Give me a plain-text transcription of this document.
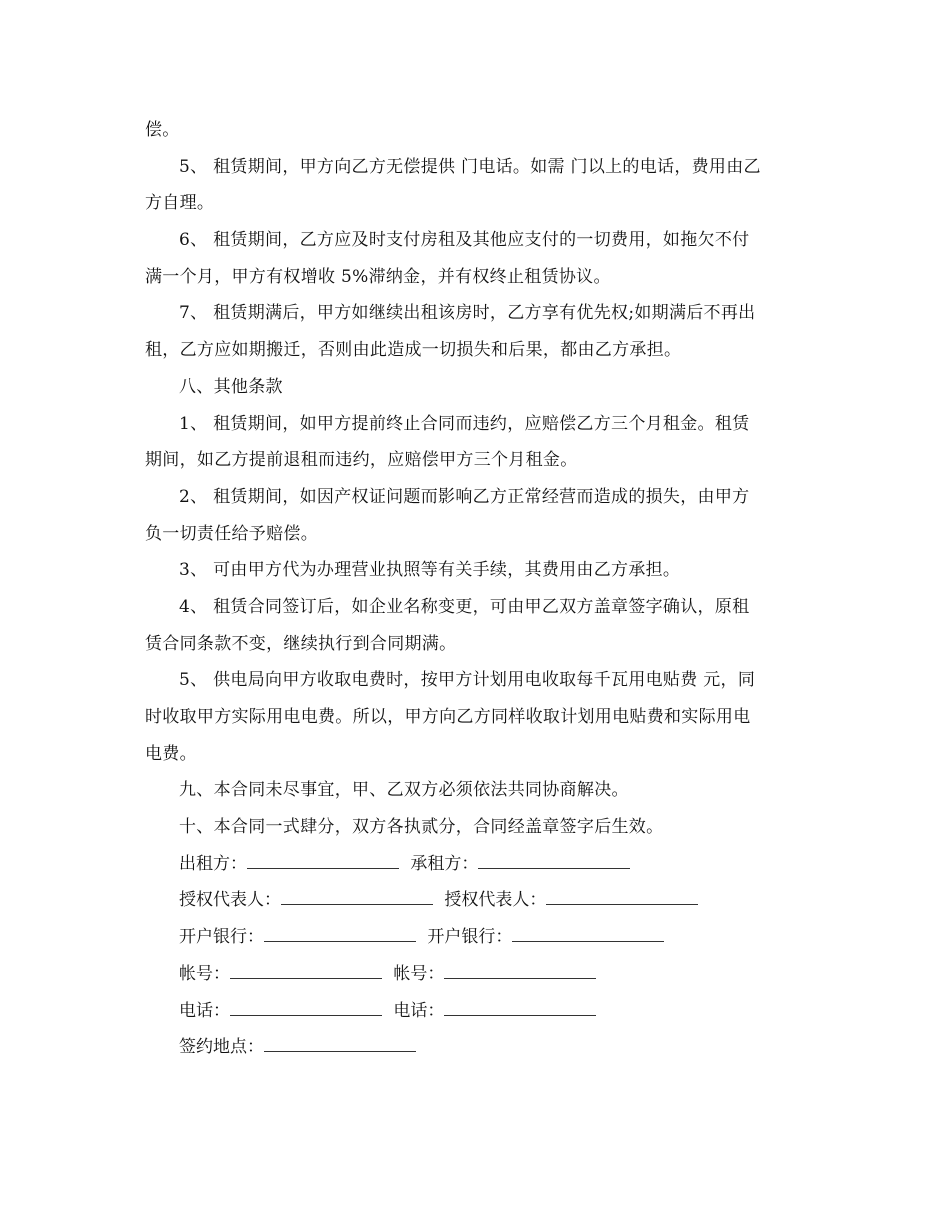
偿。
5、 租赁期间，甲方向乙方无偿提供 门电话。如需 门以上的电话，费用由乙
方自理。
6、 租赁期间，乙方应及时支付房租及其他应支付的一切费用，如拖欠不付
满一个月，甲方有权增收 5%滞纳金，并有权终止租赁协议。
7、 租赁期满后，甲方如继续出租该房时，乙方享有优先权;如期满后不再出
租，乙方应如期搬迁，否则由此造成一切损失和后果，都由乙方承担。
八、其他条款
1、 租赁期间，如甲方提前终止合同而违约，应赔偿乙方三个月租金。租赁
期间，如乙方提前退租而违约，应赔偿甲方三个月租金。
2、 租赁期间，如因产权证问题而影响乙方正常经营而造成的损失，由甲方
负一切责任给予赔偿。
3、 可由甲方代为办理营业执照等有关手续，其费用由乙方承担。
4、 租赁合同签订后，如企业名称变更，可由甲乙双方盖章签字确认，原租
赁合同条款不变，继续执行到合同期满。
5、 供电局向甲方收取电费时，按甲方计划用电收取每千瓦用电贴费 元，同
时收取甲方实际用电电费。所以，甲方向乙方同样收取计划用电贴费和实际用电
电费。
九、本合同未尽事宜，甲、乙双方必须依法共同协商解决。
十、本合同一式肆分，双方各执贰分，合同经盖章签字后生效。
出租方：	承租方：
授权代表人：	授权代表人：
开户银行：	开户银行：
帐号：	帐号：
电话：	电话：
签约地点：
